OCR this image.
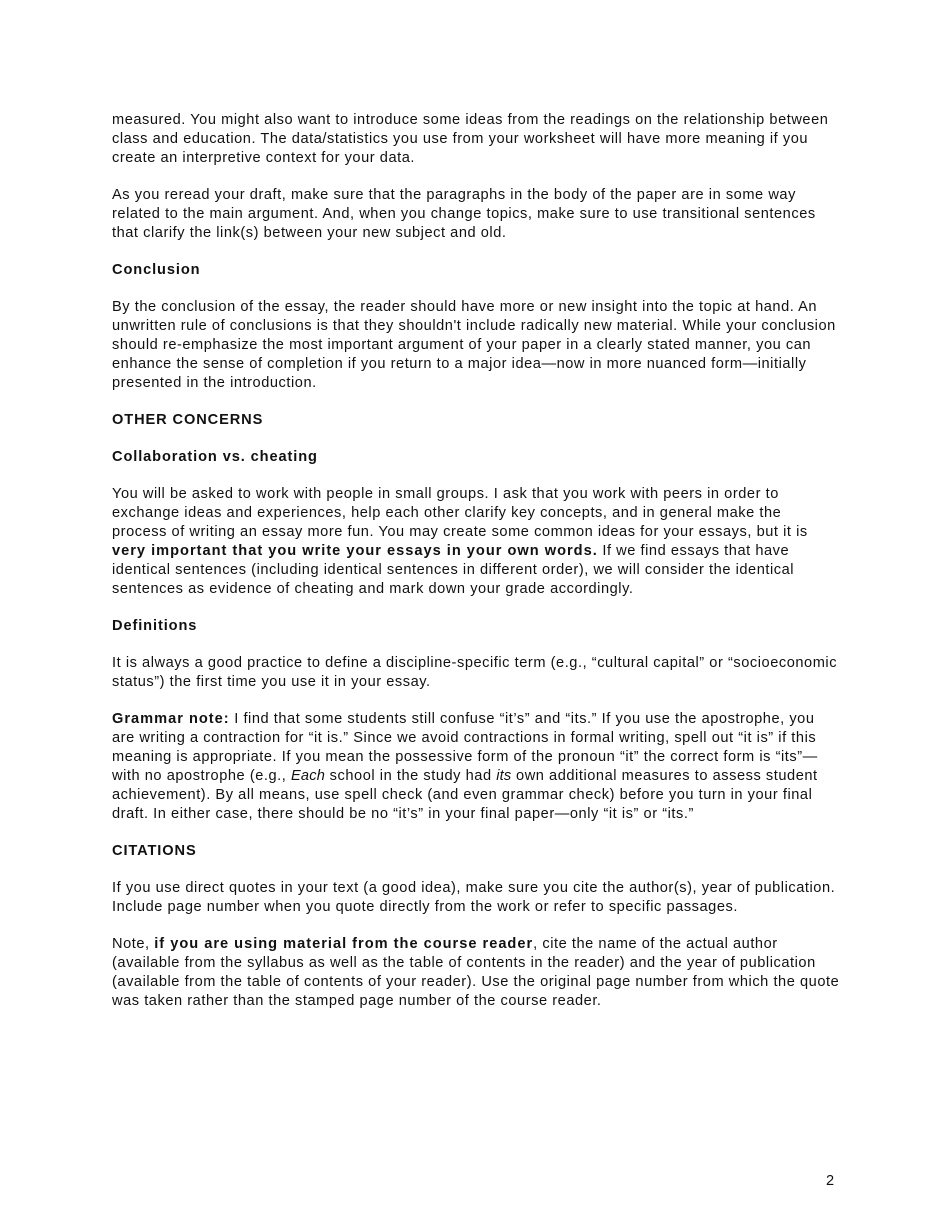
measured. You might also want to introduce some ideas from the readings on the relationship between class and education. The data/statistics you use from your worksheet will have more meaning if you create an interpretive context for your data.

As you reread your draft, make sure that the paragraphs in the body of the paper are in some way related to the main argument. And, when you change topics, make sure to use transitional sentences that clarify the link(s) between your new subject and old.

Conclusion

By the conclusion of the essay, the reader should have more or new insight into the topic at hand. An unwritten rule of conclusions is that they shouldn't include radically new material. While your conclusion should re-emphasize the most important argument of your paper in a clearly stated manner, you can enhance the sense of completion if you return to a major idea—now in more nuanced form—initially presented in the introduction.

OTHER CONCERNS
Collaboration vs. cheating

You will be asked to work with people in small groups. I ask that you work with peers in order to exchange ideas and experiences, help each other clarify key concepts, and in general make the process of writing an essay more fun. You may create some common ideas for your essays, but it is very important that you write your essays in your own words. If we find essays that have identical sentences (including identical sentences in different order), we will consider the identical sentences as evidence of cheating and mark down your grade accordingly.

Definitions

It is always a good practice to define a discipline-specific term (e.g., “cultural capital” or “socioeconomic status”) the first time you use it in your essay.

Grammar note: I find that some students still confuse “it’s” and “its.” If you use the apostrophe, you are writing a contraction for “it is.” Since we avoid contractions in formal writing, spell out “it is” if this meaning is appropriate. If you mean the possessive form of the pronoun “it” the correct form is “its”—with no apostrophe (e.g., Each school in the study had its own additional measures to assess student achievement). By all means, use spell check (and even grammar check) before you turn in your final draft. In either case, there should be no “it’s” in your final paper—only “it is” or “its.”

CITATIONS

If you use direct quotes in your text (a good idea), make sure you cite the author(s), year of publication. Include page number when you quote directly from the work or refer to specific passages.

Note, if you are using material from the course reader, cite the name of the actual author (available from the syllabus as well as the table of contents in the reader) and the year of publication (available from the table of contents of your reader). Use the original page number from which the quote was taken rather than the stamped page number of the course reader.

2
